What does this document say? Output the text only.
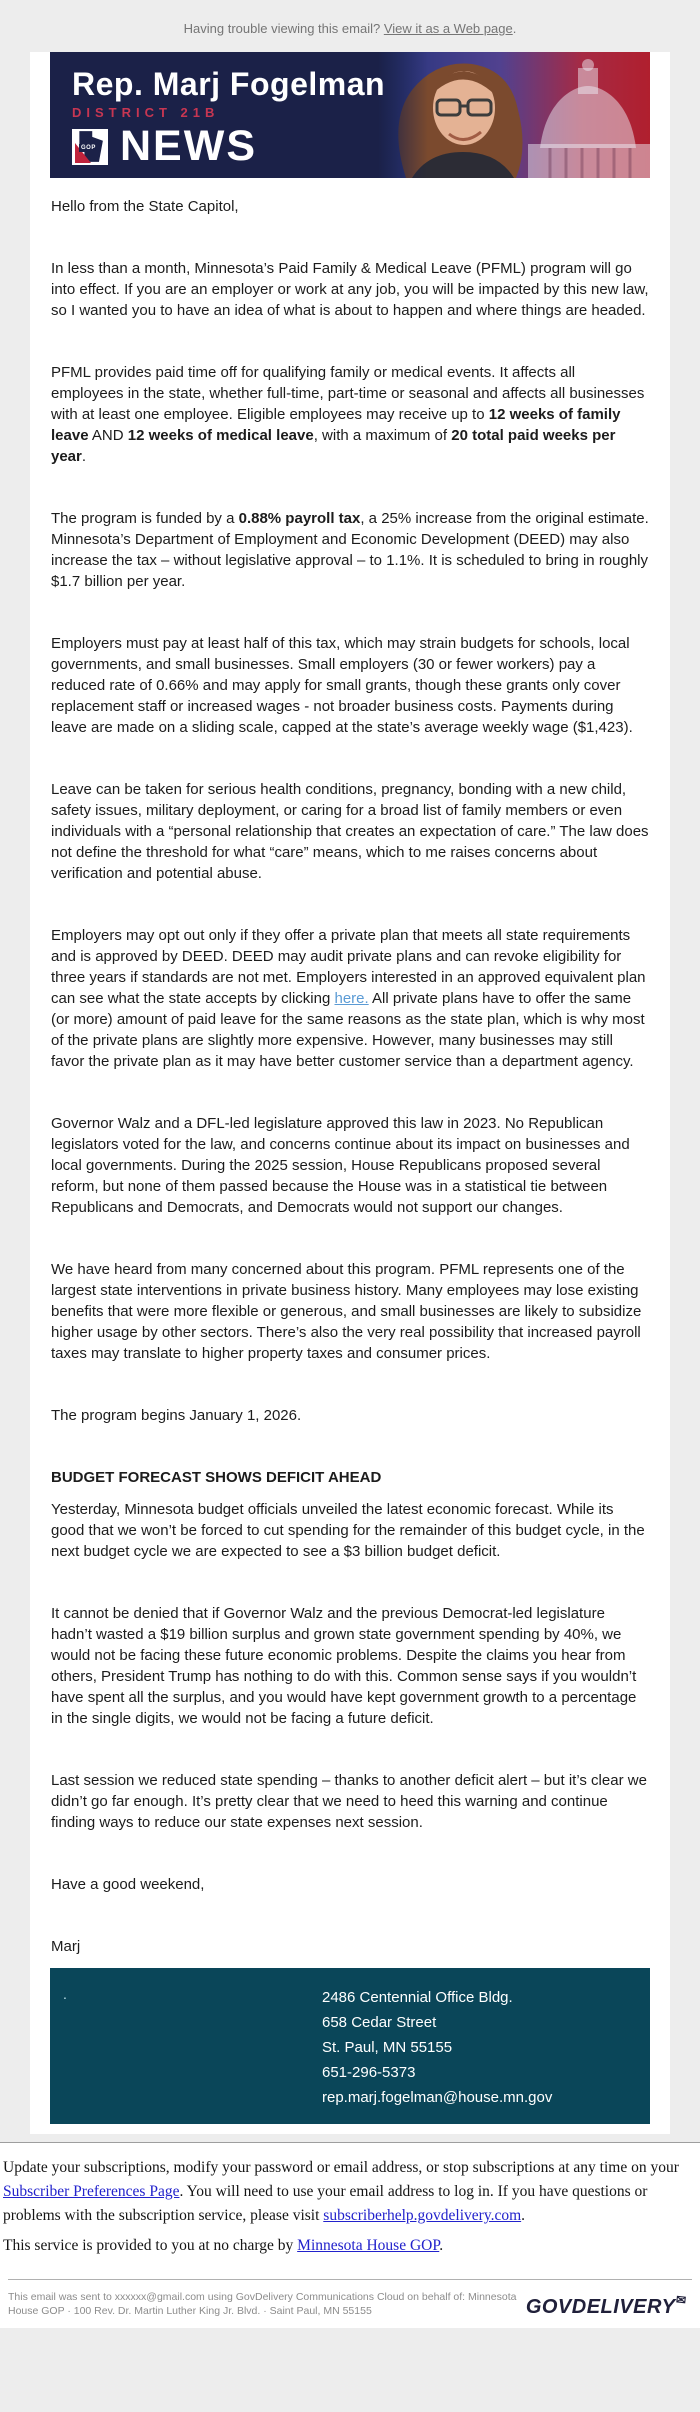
Having trouble viewing this email? View it as a Web page.
Rep. Marj Fogelman
DISTRICT 21B
GOP NEWS

Hello from the State Capitol,

In less than a month, Minnesota’s Paid Family & Medical Leave (PFML) program will go into effect. If you are an employer or work at any job, you will be impacted by this new law, so I wanted you to have an idea of what is about to happen and where things are headed.

PFML provides paid time off for qualifying family or medical events. It affects all employees in the state, whether full-time, part-time or seasonal and affects all businesses with at least one employee. Eligible employees may receive up to 12 weeks of family leave AND 12 weeks of medical leave, with a maximum of 20 total paid weeks per year.

The program is funded by a 0.88% payroll tax, a 25% increase from the original estimate. Minnesota’s Department of Employment and Economic Development (DEED) may also increase the tax – without legislative approval – to 1.1%. It is scheduled to bring in roughly $1.7 billion per year.

Employers must pay at least half of this tax, which may strain budgets for schools, local governments, and small businesses. Small employers (30 or fewer workers) pay a reduced rate of 0.66% and may apply for small grants, though these grants only cover replacement staff or increased wages - not broader business costs. Payments during leave are made on a sliding scale, capped at the state’s average weekly wage ($1,423).

Leave can be taken for serious health conditions, pregnancy, bonding with a new child, safety issues, military deployment, or caring for a broad list of family members or even individuals with a “personal relationship that creates an expectation of care.” The law does not define the threshold for what “care” means, which to me raises concerns about verification and potential abuse.

Employers may opt out only if they offer a private plan that meets all state requirements and is approved by DEED. DEED may audit private plans and can revoke eligibility for three years if standards are not met. Employers interested in an approved equivalent plan can see what the state accepts by clicking here. All private plans have to offer the same (or more) amount of paid leave for the same reasons as the state plan, which is why most of the private plans are slightly more expensive. However, many businesses may still favor the private plan as it may have better customer service than a department agency.

Governor Walz and a DFL-led legislature approved this law in 2023. No Republican legislators voted for the law, and concerns continue about its impact on businesses and local governments. During the 2025 session, House Republicans proposed several reform, but none of them passed because the House was in a statistical tie between Republicans and Democrats, and Democrats would not support our changes.

We have heard from many concerned about this program. PFML represents one of the largest state interventions in private business history. Many employees may lose existing benefits that were more flexible or generous, and small businesses are likely to subsidize higher usage by other sectors. There’s also the very real possibility that increased payroll taxes may translate to higher property taxes and consumer prices.

The program begins January 1, 2026.

BUDGET FORECAST SHOWS DEFICIT AHEAD

Yesterday, Minnesota budget officials unveiled the latest economic forecast. While its good that we won’t be forced to cut spending for the remainder of this budget cycle, in the next budget cycle we are expected to see a $3 billion budget deficit.

It cannot be denied that if Governor Walz and the previous Democrat-led legislature hadn’t wasted a $19 billion surplus and grown state government spending by 40%, we would not be facing these future economic problems. Despite the claims you hear from others, President Trump has nothing to do with this. Common sense says if you wouldn’t have spent all the surplus, and you would have kept government growth to a percentage in the single digits, we would not be facing a future deficit.

Last session we reduced state spending – thanks to another deficit alert – but it’s clear we didn’t go far enough. It’s pretty clear that we need to heed this warning and continue finding ways to reduce our state expenses next session.

Have a good weekend,

Marj

.	2486 Centennial Office Bldg.
658 Cedar Street
St. Paul, MN 55155
651-296-5373
rep.marj.fogelman@house.mn.gov

Update your subscriptions, modify your password or email address, or stop subscriptions at any time on your Subscriber Preferences Page. You will need to use your email address to log in. If you have questions or problems with the subscription service, please visit subscriberhelp.govdelivery.com.

This service is provided to you at no charge by Minnesota House GOP.

This email was sent to xxxxxx@gmail.com using GovDelivery Communications Cloud on behalf of: Minnesota House GOP · 100 Rev. Dr. Martin Luther King Jr. Blvd. · Saint Paul, MN 55155	GOVDELIVERY✉
